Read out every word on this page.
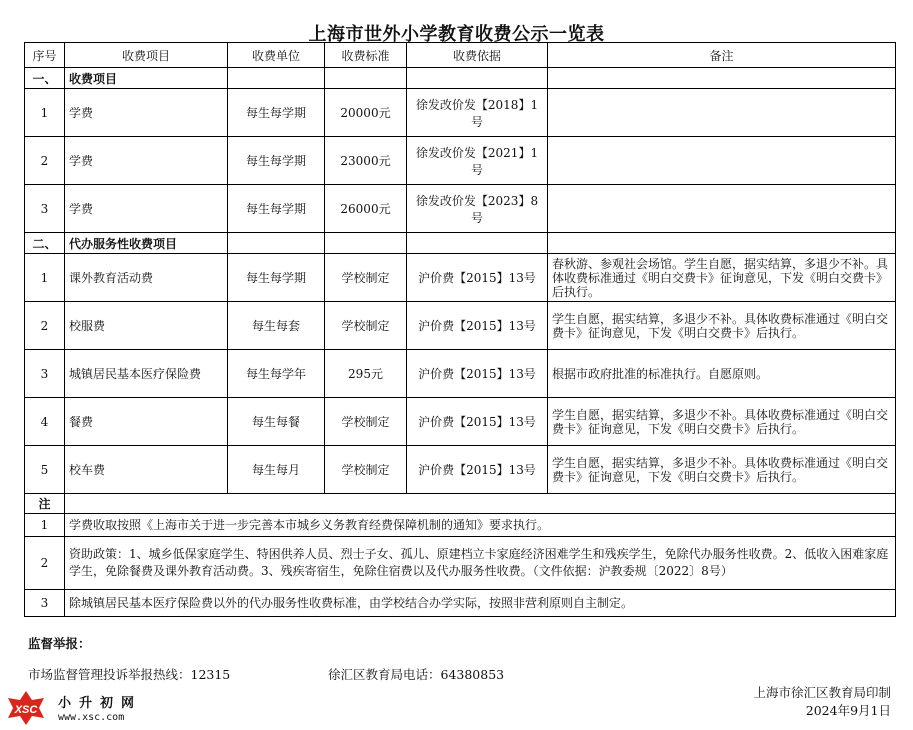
上海市世外小学教育收费公示一览表
序号	收费项目	收费单位	收费标准	收费依据	备注
一、	收费项目				
1	学费	每生每学期	20000元	徐发改价发【2018】1号	
2	学费	每生每学期	23000元	徐发改价发【2021】1号	
3	学费	每生每学期	26000元	徐发改价发【2023】8号	
二、	代办服务性收费项目				
1	课外教育活动费	每生每学期	学校制定	沪价费【2015】13号	春秋游、参观社会场馆。学生自愿，据实结算，多退少不补。具体收费标准通过《明白交费卡》征询意见，下发《明白交费卡》后执行。
2	校服费	每生每套	学校制定	沪价费【2015】13号	学生自愿，据实结算，多退少不补。具体收费标准通过《明白交费卡》征询意见，下发《明白交费卡》后执行。
3	城镇居民基本医疗保险费	每生每学年	295元	沪价费【2015】13号	根据市政府批准的标准执行。自愿原则。
4	餐费	每生每餐	学校制定	沪价费【2015】13号	学生自愿，据实结算，多退少不补。具体收费标准通过《明白交费卡》征询意见，下发《明白交费卡》后执行。
5	校车费	每生每月	学校制定	沪价费【2015】13号	学生自愿，据实结算，多退少不补。具体收费标准通过《明白交费卡》征询意见，下发《明白交费卡》后执行。
注					
1	学费收取按照《上海市关于进一步完善本市城乡义务教育经费保障机制的通知》要求执行。				
2	资助政策：1、城乡低保家庭学生、特困供养人员、烈士子女、孤儿、原建档立卡家庭经济困难学生和残疾学生，免除代办服务性收费。2、低收入困难家庭学生，免除餐费及课外教育活动费。3、残疾寄宿生，免除住宿费以及代办服务性收费。（文件依据：沪教委规〔2022〕8号）				
3	除城镇居民基本医疗保险费以外的代办服务性收费标准，由学校结合办学实际，按照非营利原则自主制定。				
监督举报：
市场监督管理投诉举报热线：12315	徐汇区教育局电话：64380853
上海市徐汇区教育局印制
2024年9月1日
XSC 小升初网
www.xsc.com
